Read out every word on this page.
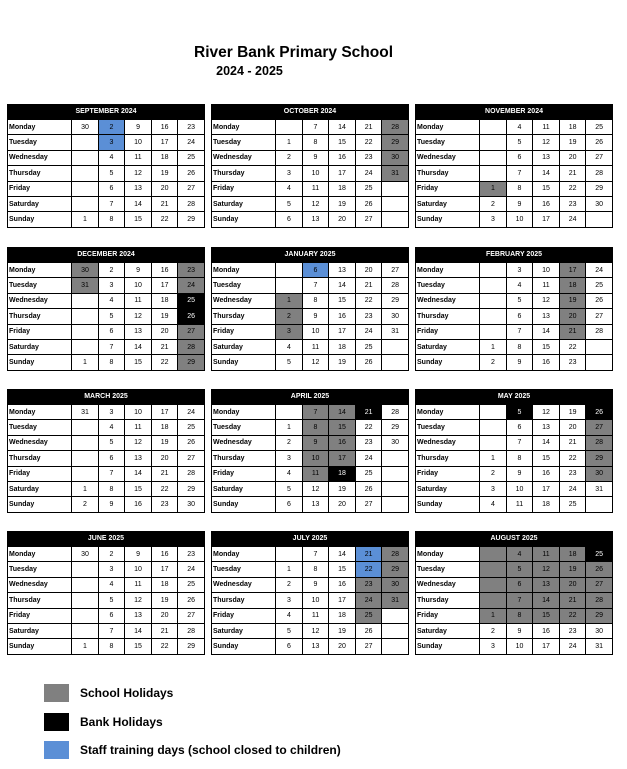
River Bank Primary School
2024 - 2025
SEPTEMBER 2024
Monday	30	2	9	16	23
Tuesday		3	10	17	24
Wednesday		4	11	18	25
Thursday		5	12	19	26
Friday		6	13	20	27
Saturday		7	14	21	28
Sunday	1	8	15	22	29
OCTOBER 2024
Monday		7	14	21	28
Tuesday	1	8	15	22	29
Wednesday	2	9	16	23	30
Thursday	3	10	17	24	31
Friday	4	11	18	25	
Saturday	5	12	19	26	
Sunday	6	13	20	27	
NOVEMBER 2024
Monday		4	11	18	25
Tuesday		5	12	19	26
Wednesday		6	13	20	27
Thursday		7	14	21	28
Friday	1	8	15	22	29
Saturday	2	9	16	23	30
Sunday	3	10	17	24	
DECEMBER 2024
Monday	30	2	9	16	23
Tuesday	31	3	10	17	24
Wednesday		4	11	18	25
Thursday		5	12	19	26
Friday		6	13	20	27
Saturday		7	14	21	28
Sunday	1	8	15	22	29
JANUARY 2025
Monday		6	13	20	27
Tuesday		7	14	21	28
Wednesday	1	8	15	22	29
Thursday	2	9	16	23	30
Friday	3	10	17	24	31
Saturday	4	11	18	25	
Sunday	5	12	19	26	
FEBRUARY 2025
Monday		3	10	17	24
Tuesday		4	11	18	25
Wednesday		5	12	19	26
Thursday		6	13	20	27
Friday		7	14	21	28
Saturday	1	8	15	22	
Sunday	2	9	16	23	
MARCH 2025
Monday	31	3	10	17	24
Tuesday		4	11	18	25
Wednesday		5	12	19	26
Thursday		6	13	20	27
Friday		7	14	21	28
Saturday	1	8	15	22	29
Sunday	2	9	16	23	30
APRIL 2025
Monday		7	14	21	28
Tuesday	1	8	15	22	29
Wednesday	2	9	16	23	30
Thursday	3	10	17	24	
Friday	4	11	18	25	
Saturday	5	12	19	26	
Sunday	6	13	20	27	
MAY 2025
Monday		5	12	19	26
Tuesday		6	13	20	27
Wednesday		7	14	21	28
Thursday	1	8	15	22	29
Friday	2	9	16	23	30
Saturday	3	10	17	24	31
Sunday	4	11	18	25	
JUNE 2025
Monday	30	2	9	16	23
Tuesday		3	10	17	24
Wednesday		4	11	18	25
Thursday		5	12	19	26
Friday		6	13	20	27
Saturday		7	14	21	28
Sunday	1	8	15	22	29
JULY 2025
Monday		7	14	21	28
Tuesday	1	8	15	22	29
Wednesday	2	9	16	23	30
Thursday	3	10	17	24	31
Friday	4	11	18	25	
Saturday	5	12	19	26	
Sunday	6	13	20	27	
AUGUST 2025
Monday		4	11	18	25
Tuesday		5	12	19	26
Wednesday		6	13	20	27
Thursday		7	14	21	28
Friday	1	8	15	22	29
Saturday	2	9	16	23	30
Sunday	3	10	17	24	31
School Holidays
Bank Holidays
Staff training days (school closed to children)
